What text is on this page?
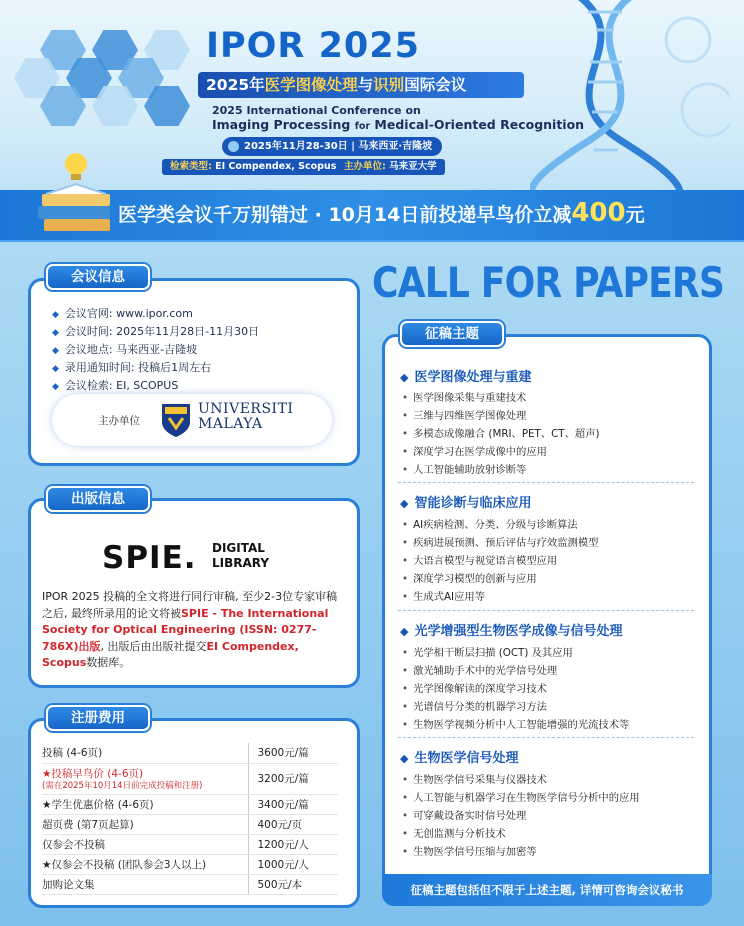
IPOR 2025
2025年医学图像处理与识别国际会议
2025 International Conference on
Imaging Processing for Medical-Oriented Recognition
2025年11月28-30日 | 马来西亚·吉隆坡
检索类型: EI Compendex, Scopus 主办单位: 马来亚大学
医学类会议千万别错过 · 10月14日前投递早鸟价立减400元
会议信息
◆ 会议官网: www.ipor.com
◆ 会议时间: 2025年11月28日-11月30日
◆ 会议地点: 马来西亚-吉隆坡
◆ 录用通知时间: 投稿后1周左右
◆ 会议检索: EI, SCOPUS
主办单位
UNIVERSITI
MALAYA
出版信息
SPIE. DIGITAL
LIBRARY
IPOR 2025 投稿的全文将进行同行审稿, 至少2-3位专家审稿之后, 最终所录用的论文将被SPIE - The International Society for Optical Engineering (ISSN: 0277-786X)出版, 出版后由出版社提交EI Compendex, Scopus数据库。
注册费用
投稿 (4-6页)	3600元/篇
★投稿早鸟价 (4-6页)
(需在2025年10月14日前完成投稿和注册)	3200元/篇
★学生优惠价格 (4-6页)	3400元/篇
超页费 (第7页起算)	400元/页
仅参会不投稿	1200元/人
★仅参会不投稿 (团队参会3人以上)	1000元/人
加购论文集	500元/本
CALL FOR PAPERS
征稿主题
◆ 医学图像处理与重建
• 医学图像采集与重建技术
• 三维与四维医学图像处理
• 多模态成像融合 (MRI、PET、CT、超声)
• 深度学习在医学成像中的应用
• 人工智能辅助放射诊断等
◆ 智能诊断与临床应用
• AI疾病检测、分类、分级与诊断算法
• 疾病进展预测、预后评估与疗效监测模型
• 大语言模型与视觉语言模型应用
• 深度学习模型的创新与应用
• 生成式AI应用等
◆ 光学增强型生物医学成像与信号处理
• 光学相干断层扫描 (OCT) 及其应用
• 激光辅助手术中的光学信号处理
• 光学图像解读的深度学习技术
• 光谱信号分类的机器学习方法
• 生物医学视频分析中人工智能增强的光流技术等
◆ 生物医学信号处理
• 生物医学信号采集与仪器技术
• 人工智能与机器学习在生物医学信号分析中的应用
• 可穿戴设备实时信号处理
• 无创监测与分析技术
• 生物医学信号压缩与加密等
征稿主题包括但不限于上述主题, 详情可咨询会议秘书
